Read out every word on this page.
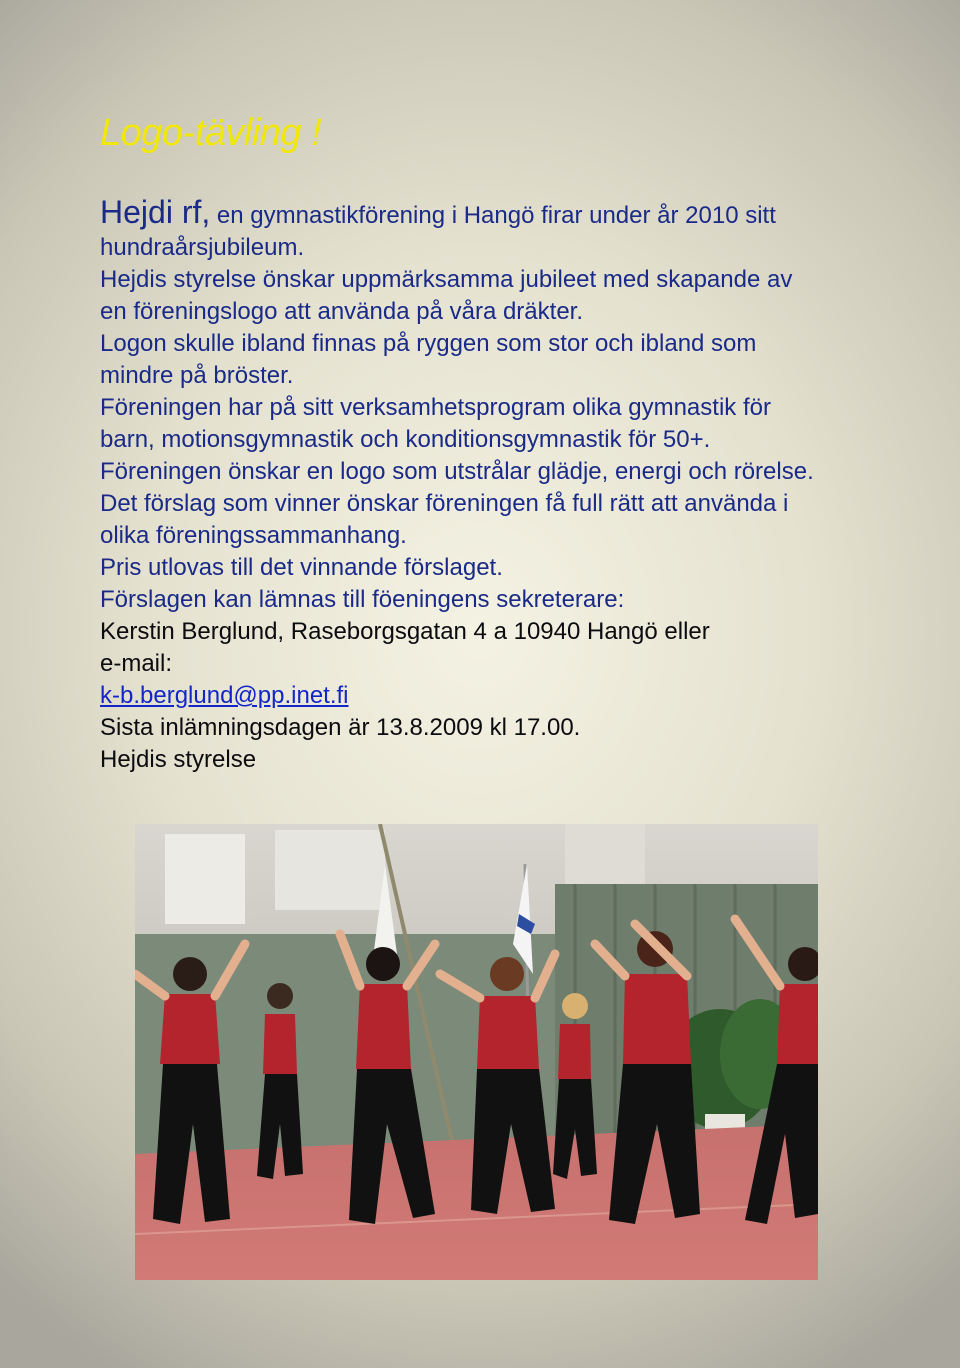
Logo-tävling !
Hejdi rf, en gymnastikförening i Hangö firar under år 2010 sitt
hundraårsjubileum.
Hejdis styrelse önskar uppmärksamma jubileet med skapande av
en föreningslogo att använda på våra dräkter.
Logon skulle ibland finnas på ryggen som stor och ibland som
mindre på bröster.
Föreningen har på sitt verksamhetsprogram olika gymnastik för
barn, motionsgymnastik och konditionsgymnastik för 50+.
Föreningen önskar en logo som utstrålar glädje, energi och rörelse.
Det förslag som vinner önskar föreningen få full rätt att använda i
olika föreningssammanhang.
Pris utlovas till det vinnande förslaget.
Förslagen kan lämnas till föeningens sekreterare:
Kerstin Berglund, Raseborgsgatan 4 a 10940 Hangö eller
e-mail:
k-b.berglund@pp.inet.fi
Sista inlämningsdagen är 13.8.2009 kl 17.00.
Hejdis styrelse
